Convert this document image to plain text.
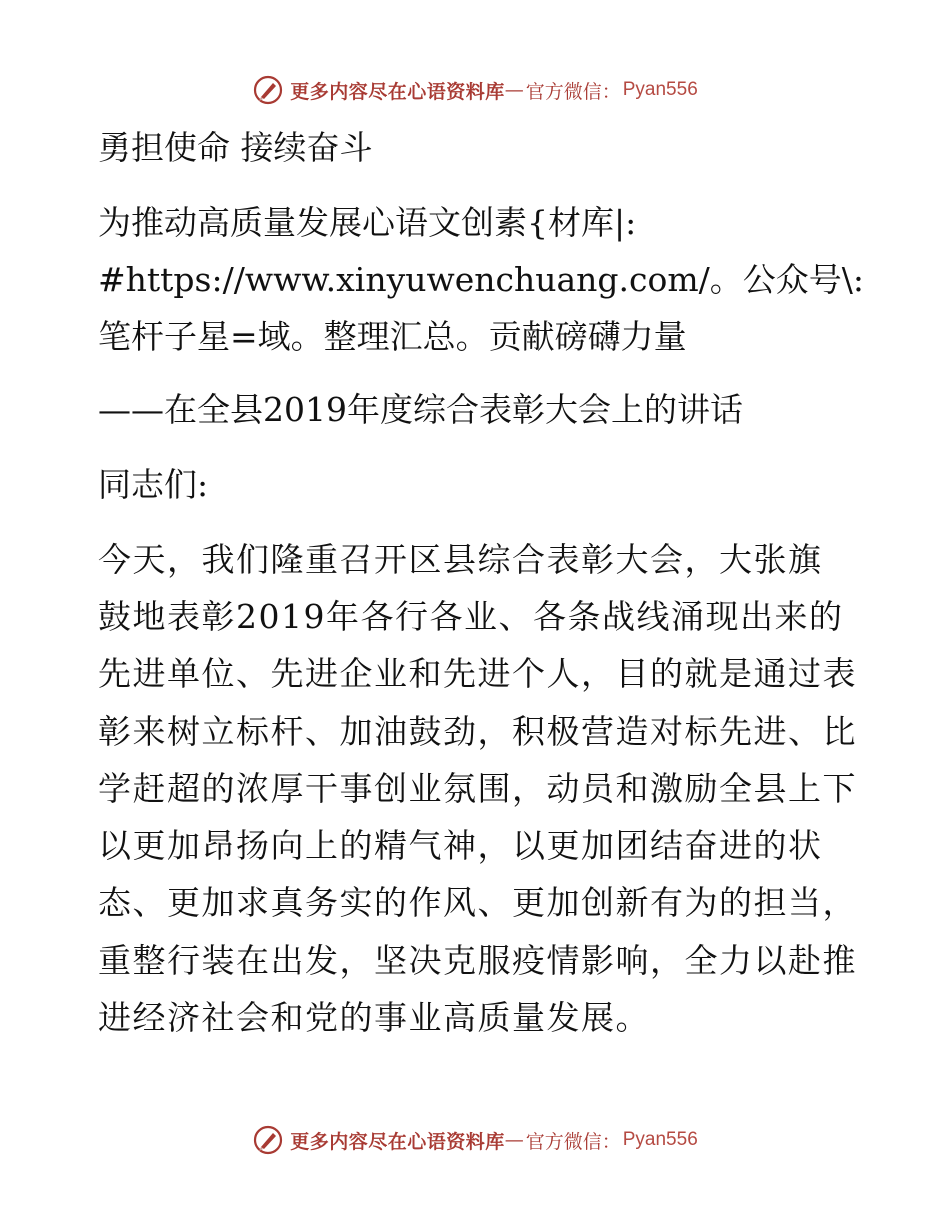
更多内容尽在心语资料库 — 官方微信： Pyan556
勇担使命 接续奋斗
为推动高质量发展心语文创素{材库|:
#https://www.xinyuwenchuang.com/。公众号\:
笔杆子星=域。整理汇总。贡献磅礴力量
——在全县2019年度综合表彰大会上的讲话
同志们:
今天，我们隆重召开区县综合表彰大会，大张旗
鼓地表彰2019年各行各业、各条战线涌现出来的
先进单位、先进企业和先进个人，目的就是通过表
彰来树立标杆、加油鼓劲，积极营造对标先进、比
学赶超的浓厚干事创业氛围，动员和激励全县上下
以更加昂扬向上的精气神，以更加团结奋进的状
态、更加求真务实的作风、更加创新有为的担当，
重整行装在出发，坚决克服疫情影响，全力以赴推
进经济社会和党的事业高质量发展。
更多内容尽在心语资料库 — 官方微信： Pyan556
